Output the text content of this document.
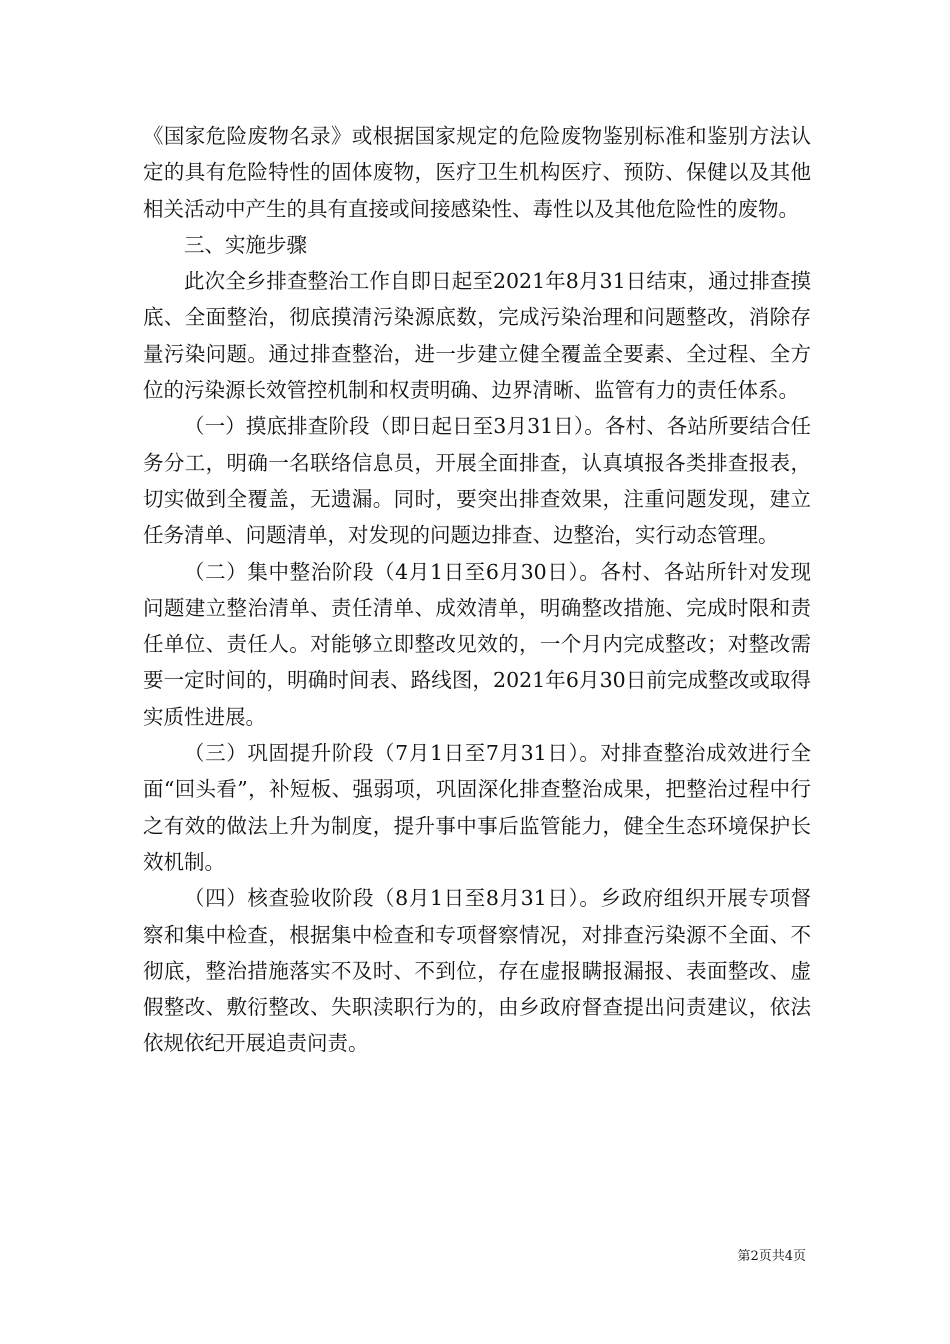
《国家危险废物名录》或根据国家规定的危险废物鉴别标准和鉴别方法认定的具有危险特性的固体废物，医疗卫生机构医疗、预防、保健以及其他相关活动中产生的具有直接或间接感染性、毒性以及其他危险性的废物。

三、实施步骤

此次全乡排查整治工作自即日起至2021年8月31日结束，通过排查摸底、全面整治，彻底摸清污染源底数，完成污染治理和问题整改，消除存量污染问题。通过排查整治，进一步建立健全覆盖全要素、全过程、全方位的污染源长效管控机制和权责明确、边界清晰、监管有力的责任体系。

（一）摸底排查阶段（即日起日至3月31日）。各村、各站所要结合任务分工，明确一名联络信息员，开展全面排查，认真填报各类排查报表，切实做到全覆盖，无遗漏。同时，要突出排查效果，注重问题发现，建立任务清单、问题清单，对发现的问题边排查、边整治，实行动态管理。

（二）集中整治阶段（4月1日至6月30日）。各村、各站所针对发现问题建立整治清单、责任清单、成效清单，明确整改措施、完成时限和责任单位、责任人。对能够立即整改见效的，一个月内完成整改；对整改需要一定时间的，明确时间表、路线图，2021年6月30日前完成整改或取得实质性进展。

（三）巩固提升阶段（7月1日至7月31日）。对排查整治成效进行全面“回头看”，补短板、强弱项，巩固深化排查整治成果，把整治过程中行之有效的做法上升为制度，提升事中事后监管能力，健全生态环境保护长效机制。

（四）核查验收阶段（8月1日至8月31日）。乡政府组织开展专项督察和集中检查，根据集中检查和专项督察情况，对排查污染源不全面、不彻底，整治措施落实不及时、不到位，存在虚报瞒报漏报、表面整改、虚假整改、敷衍整改、失职渎职行为的，由乡政府督查提出问责建议，依法依规依纪开展追责问责。

第2页共4页
